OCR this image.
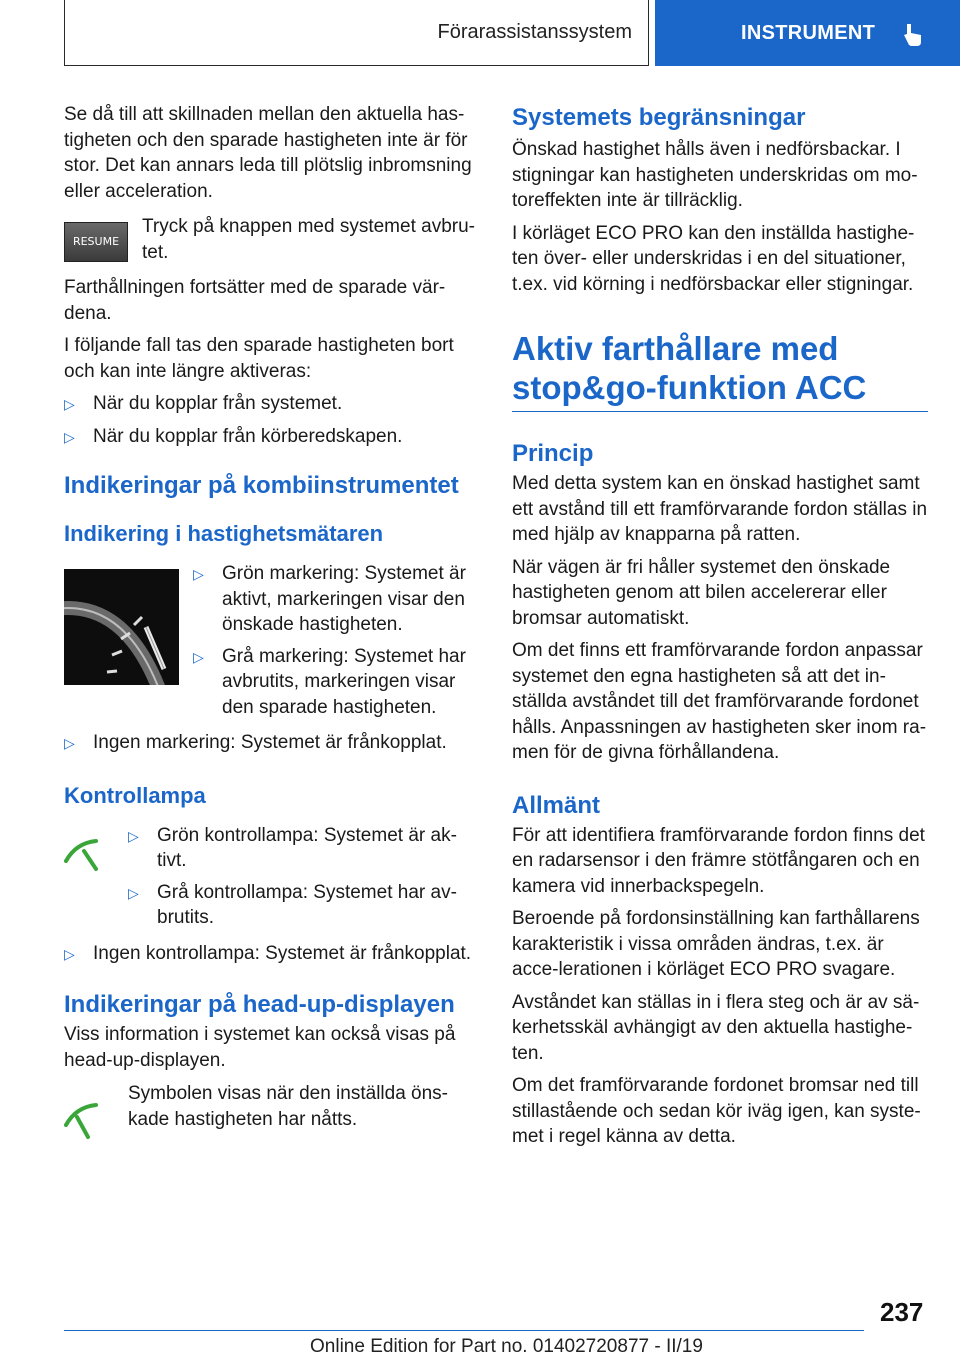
Förarassistanssystem	INSTRUMENT

Se då till att skillnaden mellan den aktuella has-tigheten och den sparade hastigheten inte är för stor. Det kan annars leda till plötslig inbromsning eller acceleration.

RESUME
Tryck på knappen med systemet avbru-tet.

Farthållningen fortsätter med de sparade vär-dena.

I följande fall tas den sparade hastigheten bort och kan inte längre aktiveras:

▷
När du kopplar från systemet.
▷
När du kopplar från körberedskapen.
Indikeringar på kombiinstrumentet
Indikering i hastighetsmätaren
▷
Grön markering: Systemet är aktivt, markeringen visar den önskade hastigheten.
▷
Grå markering: Systemet har avbrutits, markeringen visar den sparade hastigheten.
▷
Ingen markering: Systemet är frånkopplat.
Kontrollampa
▷
Grön kontrollampa: Systemet är ak-tivt.
▷
Grå kontrollampa: Systemet har av-brutits.
▷
Ingen kontrollampa: Systemet är frånkopplat.
Indikeringar på head-up-displayen

Viss information i systemet kan också visas på head-up-displayen.

Symbolen visas när den inställda öns-kade hastigheten har nåtts.
Systemets begränsningar

Önskad hastighet hålls även i nedförsbackar. I stigningar kan hastigheten underskridas om mo-toreffekten inte är tillräcklig.

I körläget ECO PRO kan den inställda hastighe-ten över- eller underskridas i en del situationer, t.ex. vid körning i nedförsbackar eller stigningar.

Aktiv farthållare med stop&go-funktion ACC
Princip

Med detta system kan en önskad hastighet samt ett avstånd till ett framförvarande fordon ställas in med hjälp av knapparna på ratten.

När vägen är fri håller systemet den önskade hastigheten genom att bilen accelererar eller bromsar automatiskt.

Om det finns ett framförvarande fordon anpassar systemet den egna hastigheten så att det in-ställda avståndet till det framförvarande fordonet hålls. Anpassningen av hastigheten sker inom ra-men för de givna förhållandena.

Allmänt

För att identifiera framförvarande fordon finns det en radarsensor i den främre stötfångaren och en kamera vid innerbackspegeln.

Beroende på fordonsinställning kan farthållarens karakteristik i vissa områden ändras, t.ex. är acce-lerationen i körläget ECO PRO svagare.

Avståndet kan ställas in i flera steg och är av sä-kerhetsskäl avhängigt av den aktuella hastighe-ten.

Om det framförvarande fordonet bromsar ned till stillastående och sedan kör iväg igen, kan syste-met i regel känna av detta.

237
Online Edition for Part no. 01402720877 - II/19
